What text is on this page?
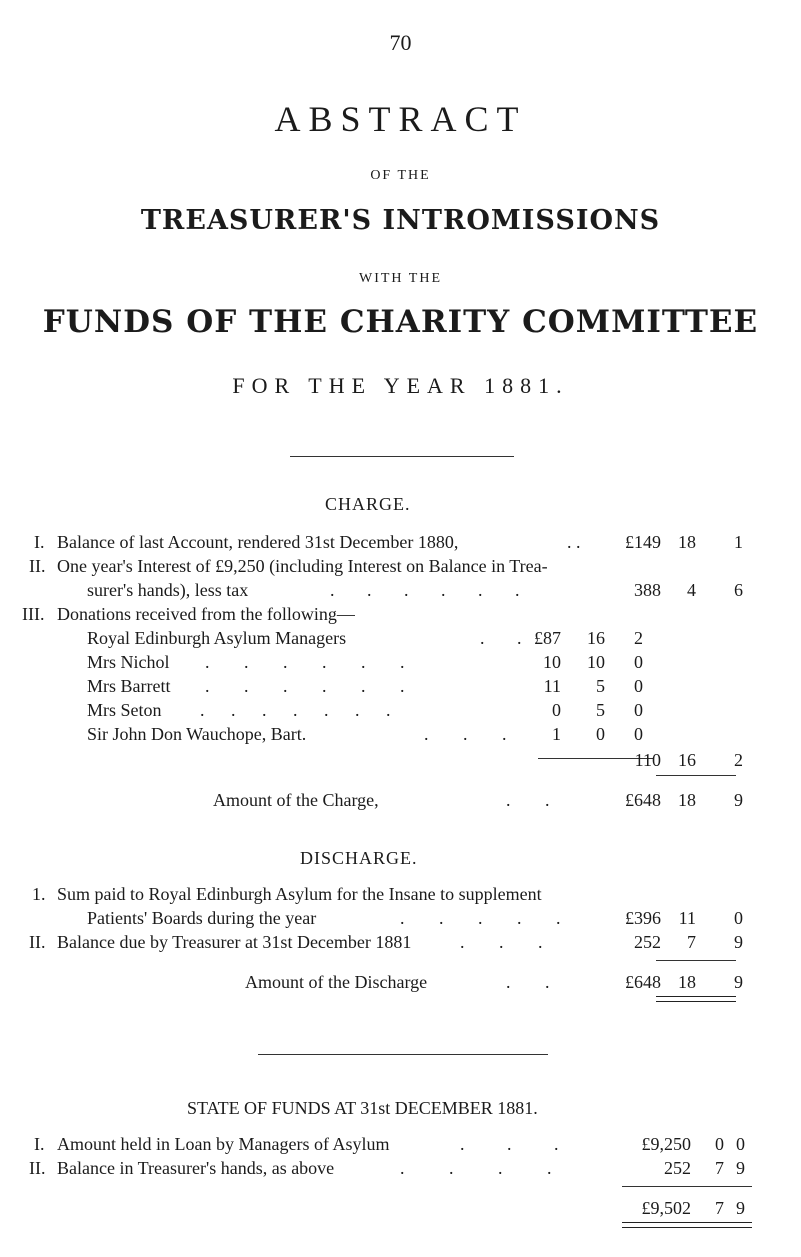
70
ABSTRACT
OF THE
TREASURER'S INTROMISSIONS
WITH THE
FUNDS OF THE CHARITY COMMITTEE
FOR THE YEAR 1881.
CHARGE.
I. Balance of last Account, rendered 31st December 1880,	. . £149 18 1
II. One year's Interest of £9,250 (including Interest on Balance in Trea-
surer's hands), less tax	. . . . . .	388 4 6
III. Donations received from the following—
Royal Edinburgh Asylum Managers	. . £87 16 2
Mrs Nichol . . . . . .	10 10 0
Mrs Barrett . . . . . .	11 5 0
Mrs Seton . . . . . . .	0 5 0
Sir John Don Wauchope, Bart.	. . .	1 0 0
110 16 2
Amount of the Charge,	. .	£648 18 9
DISCHARGE.
1. Sum paid to Royal Edinburgh Asylum for the Insane to supplement
Patients' Boards during the year	. . . . .	£396 11 0
II. Balance due by Treasurer at 31st December 1881	. . .	252 7 9
Amount of the Discharge	. .	£648 18 9
STATE OF FUNDS AT 31st DECEMBER 1881.
I. Amount held in Loan by Managers of Asylum	. . .	£9,250 0 0
II. Balance in Treasurer's hands, as above	. . . .	252 7 9
£9,502 7 9
